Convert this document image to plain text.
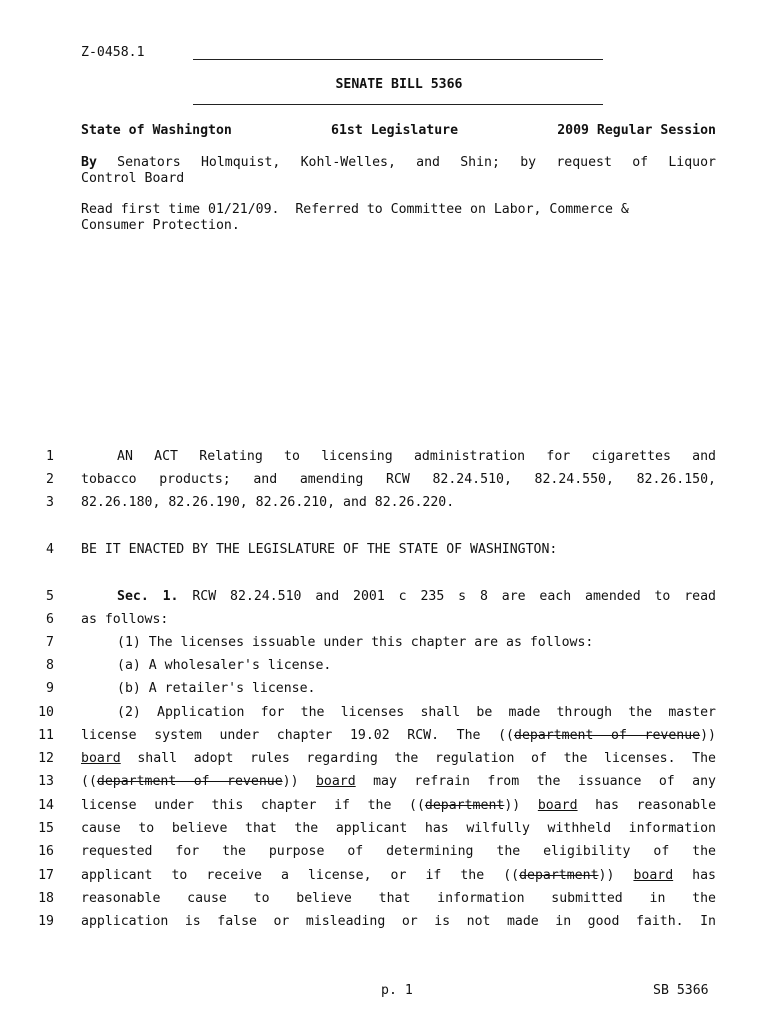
Z-0458.1
SENATE BILL 5366
State of Washington	61st Legislature	2009 Regular Session
By Senators Holmquist, Kohl-Welles, and Shin; by request of Liquor
Control Board
Read first time 01/21/09.  Referred to Committee on Labor, Commerce &
Consumer Protection.
1	AN ACT Relating to licensing administration for cigarettes and
2 tobacco products; and amending RCW 82.24.510, 82.24.550, 82.26.150,
3 82.26.180, 82.26.190, 82.26.210, and 82.26.220.
4 BE IT ENACTED BY THE LEGISLATURE OF THE STATE OF WASHINGTON:
5	Sec. 1. RCW 82.24.510 and 2001 c 235 s 8 are each amended to read
6 as follows:
7	(1) The licenses issuable under this chapter are as follows:
8	(a) A wholesaler's license.
9	(b) A retailer's license.
10	(2) Application for the licenses shall be made through the master
11 license system under chapter 19.02 RCW. The ((department of revenue))
12 board shall adopt rules regarding the regulation of the licenses. The
13 ((department of revenue)) board may refrain from the issuance of any
14 license under this chapter if the ((department)) board has reasonable
15 cause to believe that the applicant has wilfully withheld information
16 requested for the purpose of determining the eligibility of the
17 applicant to receive a license, or if the ((department)) board has
18 reasonable cause to believe that information submitted in the
19 application is false or misleading or is not made in good faith. In
p. 1	SB 5366
